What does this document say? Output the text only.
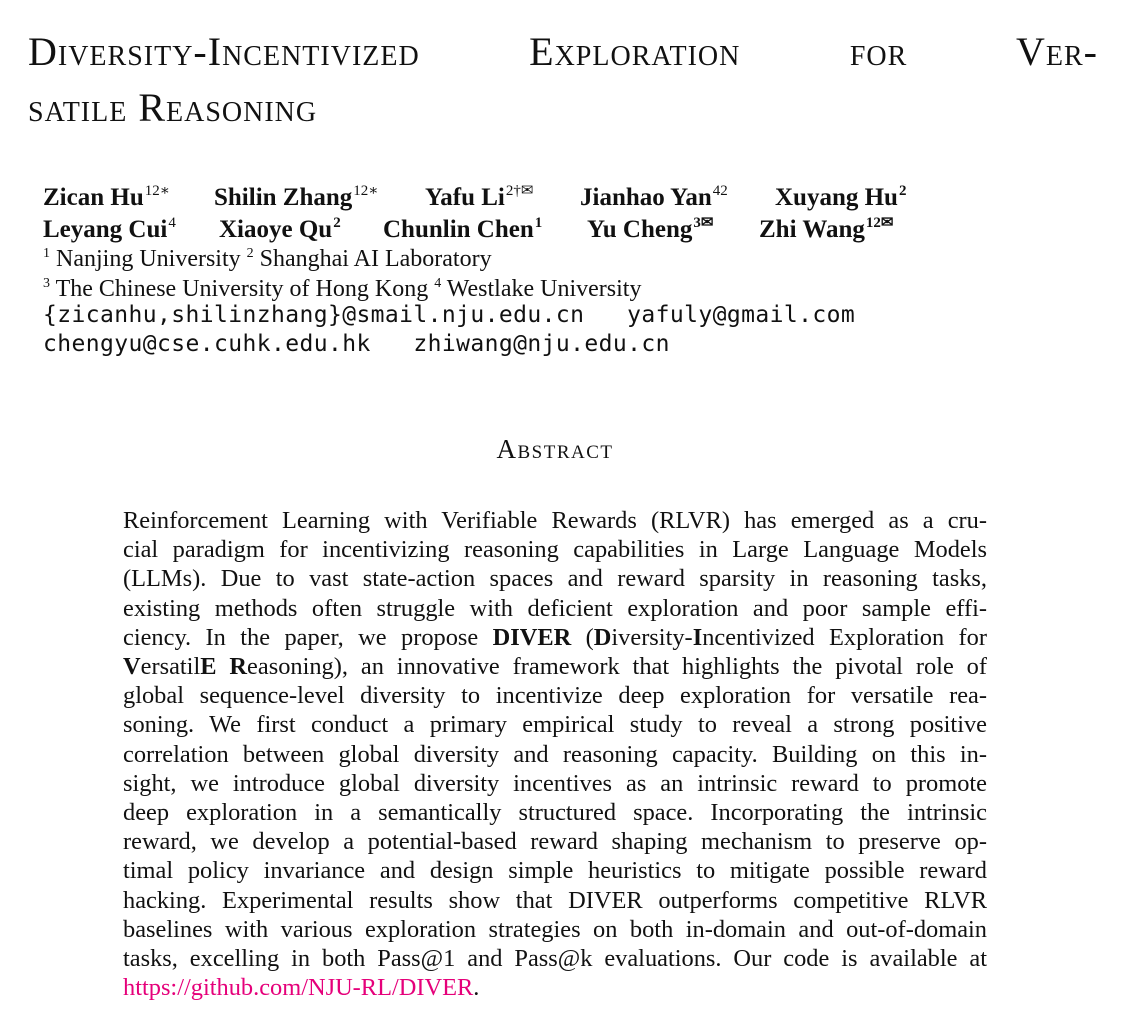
Diversity-Incentivized Exploration for Ver-
satile Reasoning
Zican $Hu^{12∗}$ Shilin Zhang$^{12∗}$ Yafu $Li^{2\dagger✉}$ Jianhao Yan$^{42}$ Xuyang Hu$^2$
Leyang Cui$^4$ Xiaoye Qu$^2$ Chunlin Chen$^1$ Yu Cheng$^{3✉}$ Zhi Wang$^{12✉}$
$^1$ Nanjing University $^2$ Shanghai AI Laboratory
$^3$ The Chinese University of Hong Kong $^4$ Westlake University
{zicanhu,shilinzhang}@smail.nju.edu.cn   yafuly@gmail.com
chengyu@cse.cuhk.edu.hk   zhiwang@nju.edu.cn
Abstract
Reinforcement Learning with Verifiable Rewards (RLVR) has emerged as a cru-
cial paradigm for incentivizing reasoning capabilities in Large Language Models
(LLMs). Due to vast state-action spaces and reward sparsity in reasoning tasks,
existing methods often struggle with deficient exploration and poor sample effi-
ciency. In the paper, we propose DIVER (Diversity-Incentivized Exploration for
VersatilE Reasoning), an innovative framework that highlights the pivotal role of
global sequence-level diversity to incentivize deep exploration for versatile rea-
soning. We first conduct a primary empirical study to reveal a strong positive
correlation between global diversity and reasoning capacity. Building on this in-
sight, we introduce global diversity incentives as an intrinsic reward to promote
deep exploration in a semantically structured space. Incorporating the intrinsic
reward, we develop a potential-based reward shaping mechanism to preserve op-
timal policy invariance and design simple heuristics to mitigate possible reward
hacking. Experimental results show that DIVER outperforms competitive RLVR
baselines with various exploration strategies on both in-domain and out-of-domain
tasks, excelling in both Pass@1 and Pass@k evaluations. Our code is available at
https://github.com/NJU-RL/DIVER.
